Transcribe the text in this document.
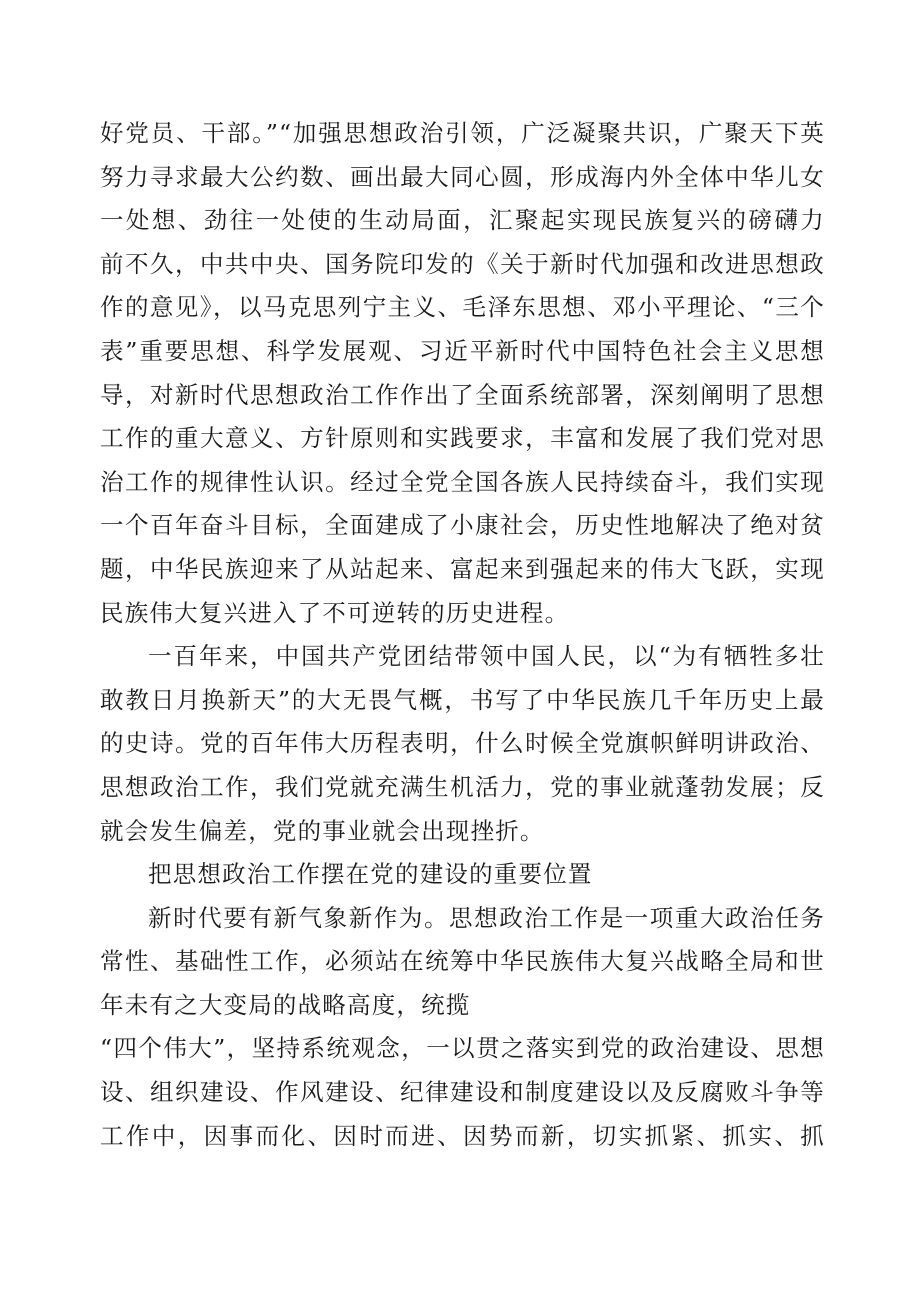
好党员、干部。”“加强思想政治引领，广泛凝聚共识，广聚天下英
努力寻求最大公约数、画出最大同心圆，形成海内外全体中华儿女
一处想、劲往一处使的生动局面，汇聚起实现民族复兴的磅礴力
前不久，中共中央、国务院印发的《关于新时代加强和改进思想政
作的意见》，以马克思列宁主义、毛泽东思想、邓小平理论、“三个
表”重要思想、科学发展观、习近平新时代中国特色社会主义思想
导，对新时代思想政治工作作出了全面系统部署，深刻阐明了思想
工作的重大意义、方针原则和实践要求，丰富和发展了我们党对思
治工作的规律性认识。经过全党全国各族人民持续奋斗，我们实现
一个百年奋斗目标，全面建成了小康社会，历史性地解决了绝对贫
题，中华民族迎来了从站起来、富起来到强起来的伟大飞跃，实现
民族伟大复兴进入了不可逆转的历史进程。
一百年来，中国共产党团结带领中国人民，以“为有牺牲多壮
敢教日月换新天”的大无畏气概，书写了中华民族几千年历史上最
的史诗。党的百年伟大历程表明，什么时候全党旗帜鲜明讲政治、
思想政治工作，我们党就充满生机活力，党的事业就蓬勃发展；反
就会发生偏差，党的事业就会出现挫折。
把思想政治工作摆在党的建设的重要位置
新时代要有新气象新作为。思想政治工作是一项重大政治任务
常性、基础性工作，必须站在统筹中华民族伟大复兴战略全局和世
年未有之大变局的战略高度，统揽
“四个伟大”，坚持系统观念，一以贯之落实到党的政治建设、思想
设、组织建设、作风建设、纪律建设和制度建设以及反腐败斗争等
工作中，因事而化、因时而进、因势而新，切实抓紧、抓实、抓
